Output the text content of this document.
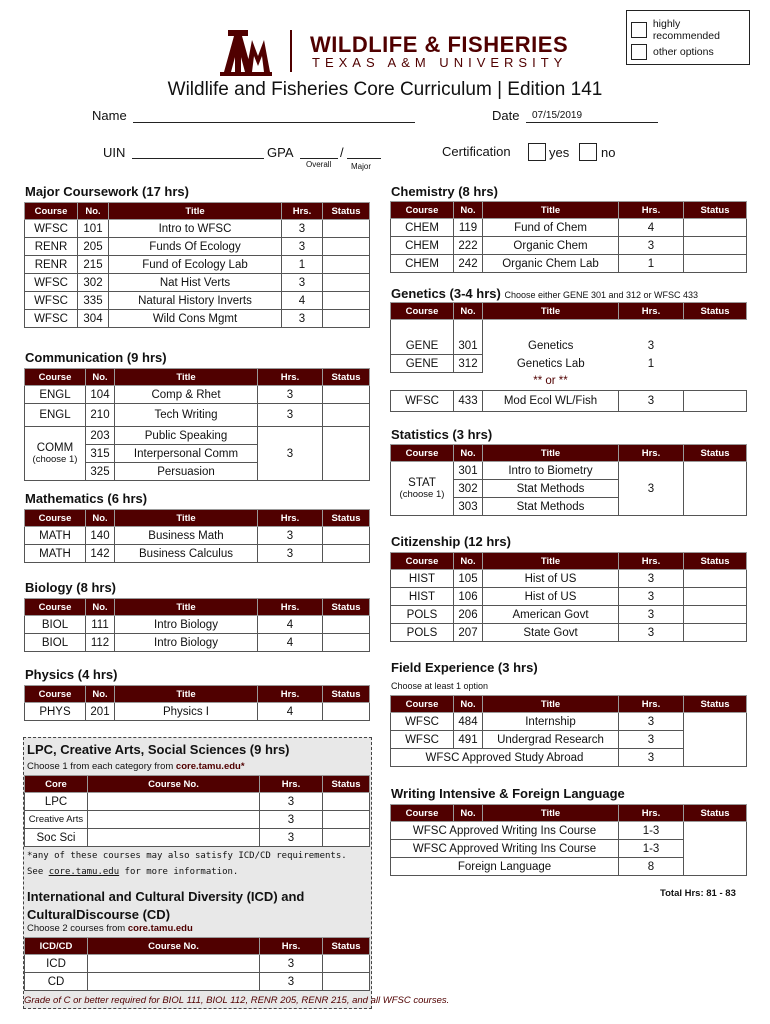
highly recommended
other options
WILDLIFE & FISHERIES
TEXAS A&M UNIVERSITY
Wildlife and Fisheries Core Curriculum | Edition 141
Name	Date 07/15/2019
UIN	GPA	/
Overall Major
Certification	yes no
Major Coursework (17 hrs)
Course	No.	Title	Hrs.	Status
WFSC	101	Intro to WFSC	3	
RENR	205	Funds Of Ecology	3	
RENR	215	Fund of Ecology Lab	1	
WFSC	302	Nat Hist Verts	3	
WFSC	335	Natural History Inverts	4	
WFSC	304	Wild Cons Mgmt	3	
Communication (9 hrs)
Course	No.	Title	Hrs.	Status
ENGL	104	Comp & Rhet	3	
ENGL	210	Tech Writing	3	

COMM
(choose 1)	203	Public Speaking	3	
	315	Interpersonal Comm		
	325	Persuasion		
Mathematics (6 hrs)
Course	No.	Title	Hrs.	Status
MATH	140	Business Math	3	
MATH	142	Business Calculus	3	
Biology (8 hrs)
Course	No.	Title	Hrs.	Status
BIOL	111	Intro Biology	4	
BIOL	112	Intro Biology	4	
Physics (4 hrs)
Course	No.	Title	Hrs.	Status
PHYS	201	Physics I	4	
LPC, Creative Arts, Social Sciences (9 hrs)
Choose 1 from each category from core.tamu.edu*
Core	Course No.	Hrs.	Status
LPC		3	
Creative Arts		3	
Soc Sci		3	
*any of these courses may also satisfy ICD/CD requirements.
See core.tamu.edu for more information.
International and Cultural Diversity (ICD) and
CulturalDiscourse (CD)
Choose 2 courses from core.tamu.edu
ICD/CD	Course No.	Hrs.	Status
ICD		3	
CD		3	
Chemistry (8 hrs)
Course	No.	Title	Hrs.	Status
CHEM	119	Fund of Chem	4	
CHEM	222	Organic Chem	3	
CHEM	242	Organic Chem Lab	1	
Genetics (3-4 hrs) Choose either GENE 301 and 312 or WFSC 433
Course	No.	Title	Hrs.	Status

GENE	301	Genetics	3	
GENE	312	Genetics Lab	1	
		** or **		
WFSC	433	Mod Ecol WL/Fish	3	
Statistics (3 hrs)
Course	No.	Title	Hrs.	Status

STAT
(choose 1)	301	Intro to Biometry	3	
	302	Stat Methods		
	303	Stat Methods		
Citizenship (12 hrs)
Course	No.	Title	Hrs.	Status
HIST	105	Hist of US	3	
HIST	106	Hist of US	3	
POLS	206	American Govt	3	
POLS	207	State Govt	3	
Field Experience (3 hrs)
Choose at least 1 option
Course	No.	Title	Hrs.	Status
WFSC	484	Internship	3	
WFSC	491	Undergrad Research	3	
WFSC Approved Study Abroad			3	
Writing Intensive & Foreign Language
Course	No.	Title	Hrs.	Status
WFSC Approved Writing Ins Course			1-3	
WFSC Approved Writing Ins Course			1-3	
Foreign Language			8	
Total Hrs: 81 - 83
Grade of C or better required for BIOL 111, BIOL 112, RENR 205, RENR 215, and all WFSC courses.
